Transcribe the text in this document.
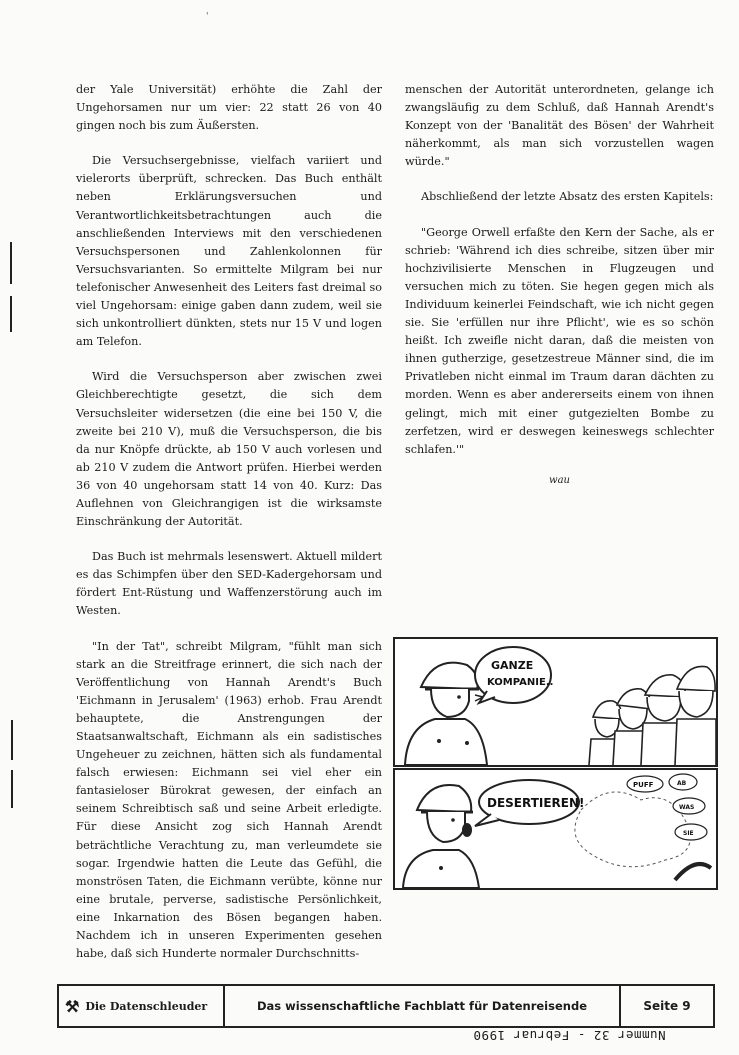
'

der Yale Universität) erhöhte die Zahl der Ungehorsamen nur um vier: 22 statt 26 von 40 gingen noch bis zum Äußersten.

Die Versuchsergebnisse, vielfach variiert und vielerorts überprüft, schrecken. Das Buch enthält neben Erklärungsversuchen und Verantwortlichkeitsbetrachtungen auch die anschließenden Interviews mit den verschiedenen Versuchspersonen und Zahlenkolonnen für Versuchsvarianten. So ermittelte Milgram bei nur telefonischer Anwesenheit des Leiters fast dreimal so viel Ungehorsam: einige gaben dann zudem, weil sie sich unkontrolliert dünkten, stets nur 15 V und logen am Telefon.

Wird die Versuchsperson aber zwischen zwei Gleichberechtigte gesetzt, die sich dem Versuchsleiter widersetzen (die eine bei 150 V, die zweite bei 210 V), muß die Versuchsperson, die bis da nur Knöpfe drückte, ab 150 V auch vorlesen und ab 210 V zudem die Antwort prüfen. Hierbei werden 36 von 40 ungehorsam statt 14 von 40. Kurz: Das Auflehnen von Gleichrangigen ist die wirksamste Einschränkung der Autorität.

Das Buch ist mehrmals lesenswert. Aktuell mildert es das Schimpfen über den SED-Kadergehorsam und fördert Ent-Rüstung und Waffenzerstörung auch im Westen.

"In der Tat", schreibt Milgram, "fühlt man sich stark an die Streitfrage erinnert, die sich nach der Veröffentlichung von Hannah Arendt's Buch 'Eichmann in Jerusalem' (1963) erhob. Frau Arendt behauptete, die Anstrengungen der Staatsanwaltschaft, Eichmann als ein sadistisches Ungeheuer zu zeichnen, hätten sich als fundamental falsch erwiesen: Eichmann sei viel eher ein fantasieloser Bürokrat gewesen, der einfach an seinem Schreibtisch saß und seine Arbeit erledigte. Für diese Ansicht zog sich Hannah Arendt beträchtliche Verachtung zu, man verleumdete sie sogar. Irgendwie hatten die Leute das Gefühl, die monströsen Taten, die Eichmann verübte, könne nur eine brutale, perverse, sadistische Persönlichkeit, eine Inkarnation des Bösen begangen haben. Nachdem ich in unseren Experimenten gesehen habe, daß sich Hunderte normaler Durchschnitts-

menschen der Autorität unterordneten, gelange ich zwangsläufig zu dem Schluß, daß Hannah Arendt's Konzept von der 'Banalität des Bösen' der Wahrheit näherkommt, als man sich vorzustellen wagen würde."

Abschließend der letzte Absatz des ersten Kapitels:

"George Orwell erfaßte den Kern der Sache, als er schrieb: 'Während ich dies schreibe, sitzen über mir hochzivilisierte Menschen in Flugzeugen und versuchen mich zu töten. Sie hegen gegen mich als Individuum keinerlei Feindschaft, wie ich nicht gegen sie. Sie 'erfüllen nur ihre Pflicht', wie es so schön heißt. Ich zweifle nicht daran, daß die meisten von ihnen gutherzige, gesetzestreue Männer sind, die im Privatleben nicht einmal im Traum daran dächten zu morden. Wenn es aber andererseits einem von ihnen gelingt, mich mit einer gutgezielten Bombe zu zerfetzen, wird er deswegen keineswegs schlechter schlafen.'"

wau
GANZE
KOMPANIE..
DESERTIEREN!
PUFF	AB
WAS
SIE
⚒ Die Datenschleuder	Das wissenschaftliche Fachblatt für Datenreisende	Seite 9
Nummer 32 - Februar 1990
